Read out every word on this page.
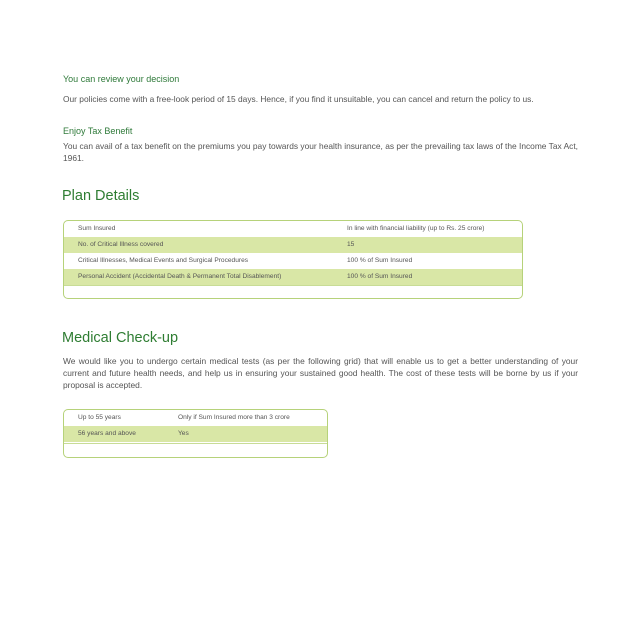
You can review your decision
Our policies come with a free-look period of 15 days. Hence, if you find it unsuitable, you can cancel and return the policy to us.
Enjoy Tax Benefit
You can avail of a tax benefit on the premiums you pay towards your health insurance, as per the prevailing tax laws of the Income Tax Act, 1961.
Plan Details
Sum Insured	In line with financial liability (up to Rs. 25 crore)
No. of Critical Illness covered	15
Critical Illnesses, Medical Events and Surgical Procedures	100 % of Sum Insured
Personal Accident (Accidental Death & Permanent Total Disablement)	100 % of Sum Insured
Medical Check-up
We would like you to undergo certain medical tests (as per the following grid) that will enable us to get a better understanding of your current and future health needs, and help us in ensuring your sustained good health. The cost of these tests will be borne by us if your proposal is accepted.
Up to 55 years	Only if Sum Insured more than 3 crore
56 years and above	Yes
